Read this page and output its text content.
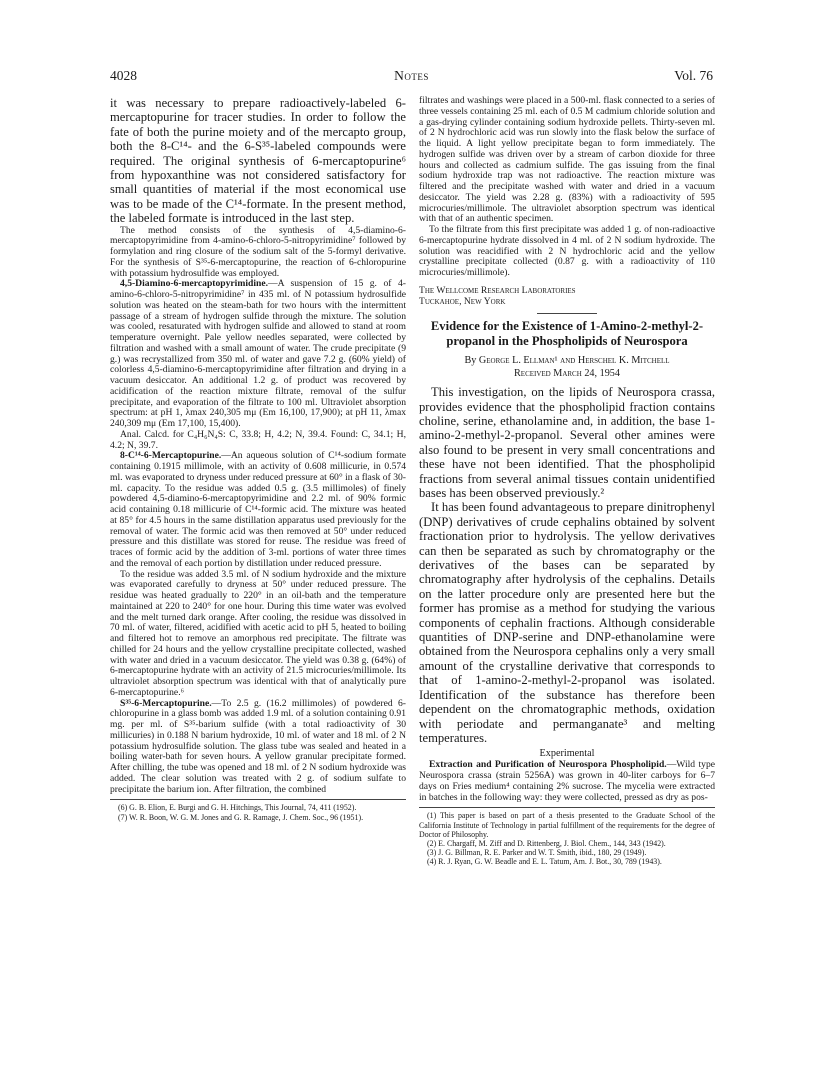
4028	Notes	Vol. 76

it was necessary to prepare radioactively-labeled 6-mercaptopurine for tracer studies. In order to follow the fate of both the purine moiety and of the mercapto group, both the 8-C¹⁴- and the 6-S³⁵-labeled compounds were required. The original synthesis of 6-mercaptopurine⁶ from hypoxanthine was not considered satisfactory for small quantities of material if the most economical use was to be made of the C¹⁴-formate. In the present method, the labeled formate is introduced in the last step.

The method consists of the synthesis of 4,5-diamino-6-mercaptopyrimidine from 4-amino-6-chloro-5-nitropyrimidine⁷ followed by formylation and ring closure of the sodium salt of the 5-formyl derivative. For the synthesis of S³⁵-6-mercaptopurine, the reaction of 6-chloropurine with potassium hydrosulfide was employed.

4,5-Diamino-6-mercaptopyrimidine.—A suspension of 15 g. of 4-amino-6-chloro-5-nitropyrimidine⁷ in 435 ml. of N potassium hydrosulfide solution was heated on the steam-bath for two hours with the intermittent passage of a stream of hydrogen sulfide through the mixture. The solution was cooled, resaturated with hydrogen sulfide and allowed to stand at room temperature overnight. Pale yellow needles separated, were collected by filtration and washed with a small amount of water. The crude precipitate (9 g.) was recrystallized from 350 ml. of water and gave 7.2 g. (60% yield) of colorless 4,5-diamino-6-mercaptopyrimidine after filtration and drying in a vacuum desiccator. An additional 1.2 g. of product was recovered by acidification of the reaction mixture filtrate, removal of the sulfur precipitate, and evaporation of the filtrate to 100 ml. Ultraviolet absorption spectrum: at pH 1, λmax 240,305 mμ (Em 16,100, 17,900); at pH 11, λmax 240,309 mμ (Em 17,100, 15,400).

Anal. Calcd. for C₄H₆N₄S: C, 33.8; H, 4.2; N, 39.4. Found: C, 34.1; H, 4.2; N, 39.7.

8-C¹⁴-6-Mercaptopurine.—An aqueous solution of C¹⁴-sodium formate containing 0.1915 millimole, with an activity of 0.608 millicurie, in 0.574 ml. was evaporated to dryness under reduced pressure at 60° in a flask of 30-ml. capacity. To the residue was added 0.5 g. (3.5 millimoles) of finely powdered 4,5-diamino-6-mercaptopyrimidine and 2.2 ml. of 90% formic acid containing 0.18 millicurie of C¹⁴-formic acid. The mixture was heated at 85° for 4.5 hours in the same distillation apparatus used previously for the removal of water. The formic acid was then removed at 50° under reduced pressure and this distillate was stored for reuse. The residue was freed of traces of formic acid by the addition of 3-ml. portions of water three times and the removal of each portion by distillation under reduced pressure.

To the residue was added 3.5 ml. of N sodium hydroxide and the mixture was evaporated carefully to dryness at 50° under reduced pressure. The residue was heated gradually to 220° in an oil-bath and the temperature maintained at 220 to 240° for one hour. During this time water was evolved and the melt turned dark orange. After cooling, the residue was dissolved in 70 ml. of water, filtered, acidified with acetic acid to pH 5, heated to boiling and filtered hot to remove an amorphous red precipitate. The filtrate was chilled for 24 hours and the yellow crystalline precipitate collected, washed with water and dried in a vacuum desiccator. The yield was 0.38 g. (64%) of 6-mercaptopurine hydrate with an activity of 21.5 microcuries/millimole. Its ultraviolet absorption spectrum was identical with that of analytically pure 6-mercaptopurine.⁶

S³⁵-6-Mercaptopurine.—To 2.5 g. (16.2 millimoles) of powdered 6-chloropurine in a glass bomb was added 1.9 ml. of a solution containing 0.91 mg. per ml. of S³⁵-barium sulfide (with a total radioactivity of 30 millicuries) in 0.188 N barium hydroxide, 10 ml. of water and 18 ml. of 2 N potassium hydrosulfide solution. The glass tube was sealed and heated in a boiling water-bath for seven hours. A yellow granular precipitate formed. After chilling, the tube was opened and 18 ml. of 2 N sodium hydroxide was added. The clear solution was treated with 2 g. of sodium sulfate to precipitate the barium ion. After filtration, the combined

(6) G. B. Elion, E. Burgi and G. H. Hitchings, This Journal, 74, 411 (1952).

(7) W. R. Boon, W. G. M. Jones and G. R. Ramage, J. Chem. Soc., 96 (1951).

filtrates and washings were placed in a 500-ml. flask connected to a series of three vessels containing 25 ml. each of 0.5 M cadmium chloride solution and a gas-drying cylinder containing sodium hydroxide pellets. Thirty-seven ml. of 2 N hydrochloric acid was run slowly into the flask below the surface of the liquid. A light yellow precipitate began to form immediately. The hydrogen sulfide was driven over by a stream of carbon dioxide for three hours and collected as cadmium sulfide. The gas issuing from the final sodium hydroxide trap was not radioactive. The reaction mixture was filtered and the precipitate washed with water and dried in a vacuum desiccator. The yield was 2.28 g. (83%) with a radioactivity of 595 microcuries/millimole. The ultraviolet absorption spectrum was identical with that of an authentic specimen.

To the filtrate from this first precipitate was added 1 g. of non-radioactive 6-mercaptopurine hydrate dissolved in 4 ml. of 2 N sodium hydroxide. The solution was reacidified with 2 N hydrochloric acid and the yellow crystalline precipitate collected (0.87 g. with a radioactivity of 110 microcuries/millimole).

The Wellcome Research Laboratories

Tuckahoe, New York

Evidence for the Existence of 1-Amino-2-methyl-2-propanol in the Phospholipids of Neurospora

By George L. Ellman¹ and Herschel K. Mitchell

Received March 24, 1954

This investigation, on the lipids of Neurospora crassa, provides evidence that the phospholipid fraction contains choline, serine, ethanolamine and, in addition, the base 1-amino-2-methyl-2-propanol. Several other amines were also found to be present in very small concentrations and these have not been identified. That the phospholipid fractions from several animal tissues contain unidentified bases has been observed previously.²

It has been found advantageous to prepare dinitrophenyl (DNP) derivatives of crude cephalins obtained by solvent fractionation prior to hydrolysis. The yellow derivatives can then be separated as such by chromatography or the derivatives of the bases can be separated by chromatography after hydrolysis of the cephalins. Details on the latter procedure only are presented here but the former has promise as a method for studying the various components of cephalin fractions. Although considerable quantities of DNP-serine and DNP-ethanolamine were obtained from the Neurospora cephalins only a very small amount of the crystalline derivative that corresponds to that of 1-amino-2-methyl-2-propanol was isolated. Identification of the substance has therefore been dependent on the chromatographic methods, oxidation with periodate and permanganate³ and melting temperatures.

Experimental

Extraction and Purification of Neurospora Phospholipid.—Wild type Neurospora crassa (strain 5256A) was grown in 40-liter carboys for 6–7 days on Fries medium⁴ containing 2% sucrose. The mycelia were extracted in batches in the following way: they were collected, pressed as dry as pos-

(1) This paper is based on part of a thesis presented to the Graduate School of the California Institute of Technology in partial fulfillment of the requirements for the degree of Doctor of Philosophy.

(2) E. Chargaff, M. Ziff and D. Rittenberg, J. Biol. Chem., 144, 343 (1942).

(3) J. G. Billman, R. E. Parker and W. T. Smith, ibid., 180, 29 (1949).

(4) R. J. Ryan, G. W. Beadle and E. L. Tatum, Am. J. Bot., 30, 789 (1943).
